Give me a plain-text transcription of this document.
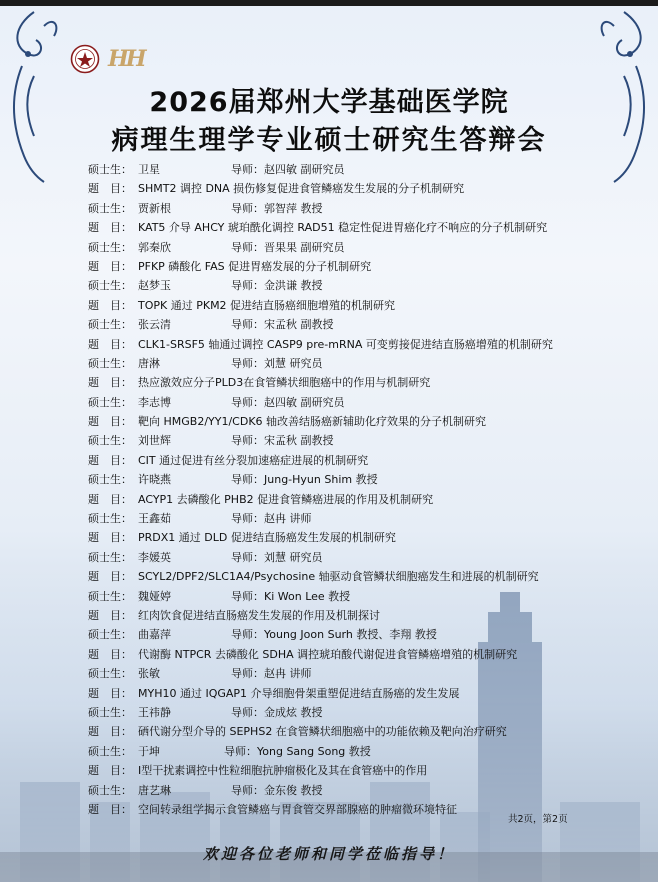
HH
2026届郑州大学基础医学院
病理生理学专业硕士研究生答辩会
硕士生： 卫星	导师：赵四敏 副研究员
题　目： SHMT2 调控 DNA 损伤修复促进食管鳞癌发生发展的分子机制研究
硕士生： 贾新根	导师：郭智萍 教授
题　目： KAT5 介导 AHCY 琥珀酰化调控 RAD51 稳定性促进胃癌化疗不响应的分子机制研究
硕士生： 郭秦欣	导师：晋果果 副研究员
题　目： PFKP 磷酸化 FAS 促进胃癌发展的分子机制研究
硕士生： 赵梦玉	导师：金洪谦 教授
题　目： TOPK 通过 PKM2 促进结直肠癌细胞增殖的机制研究
硕士生： 张云清	导师：宋孟秋 副教授
题　目： CLK1-SRSF5 轴通过调控 CASP9 pre-mRNA 可变剪接促进结直肠癌增殖的机制研究
硕士生： 唐淋	导师：刘慧 研究员
题　目： 热应激效应分子PLD3在食管鳞状细胞癌中的作用与机制研究
硕士生： 李志博	导师：赵四敏 副研究员
题　目： 靶向 HMGB2/YY1/CDK6 轴改善结肠癌新辅助化疗效果的分子机制研究
硕士生： 刘世辉	导师：宋孟秋 副教授
题　目： CIT 通过促进有丝分裂加速癌症进展的机制研究
硕士生： 许晓燕	导师：Jung-Hyun Shim 教授
题　目： ACYP1 去磷酸化 PHB2 促进食管鳞癌进展的作用及机制研究
硕士生： 王鑫茹	导师：赵冉 讲师
题　目： PRDX1 通过 DLD 促进结直肠癌发生发展的机制研究
硕士生： 李媛英	导师：刘慧 研究员
题　目： SCYL2/DPF2/SLC1A4/Psychosine 轴驱动食管鳞状细胞癌发生和进展的机制研究
硕士生： 魏娅婷	导师：Ki Won Lee 教授
题　目： 红肉饮食促进结直肠癌发生发展的作用及机制探讨
硕士生： 曲嘉萍	导师：Young Joon Surh 教授、李翔 教授
题　目： 代谢酶 NTPCR 去磷酸化 SDHA 调控琥珀酸代谢促进食管鳞癌增殖的机制研究
硕士生： 张敏	导师：赵冉 讲师
题　目： MYH10 通过 IQGAP1 介导细胞骨架重塑促进结直肠癌的发生发展
硕士生： 王祎静	导师：金成炫 教授
题　目： 硒代谢分型介导的 SEPHS2 在食管鳞状细胞癌中的功能依赖及靶向治疗研究
硕士生： 于坤	导师：Yong Sang Song 教授
题　目： Ⅰ型干扰素调控中性粒细胞抗肿瘤极化及其在食管癌中的作用
硕士生： 唐艺琳	导师：金东俊 教授
题　目： 空间转录组学揭示食管鳞癌与胃食管交界部腺癌的肿瘤微环境特征
共2页，第2页
欢迎各位老师和同学莅临指导！
